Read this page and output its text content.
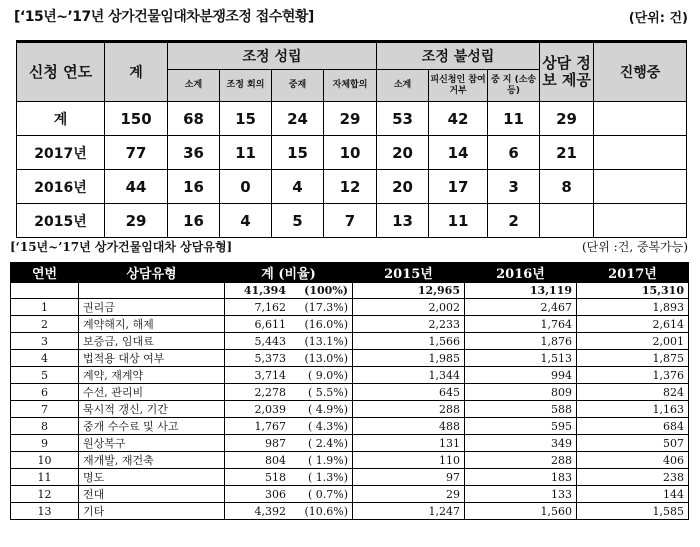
[‘15년~’17년 상가건물임대차분쟁조정 접수현황]	(단위: 건)
신청 연도	계	조정 성립				조정 불성립			상담 정보 제공	진행중
		소계	조정 회의	중재	자체합의	소계	피신청인 참여거부	중 지 (소송등)		
계	150	68	15	24	29	53	42	11	29	
2017년	77	36	11	15	10	20	14	6	21	
2016년	44	16	0	4	12	20	17	3	8	
2015년	29	16	4	5	7	13	11	2		
[‘15년~’17년 상가건물임대차 상담유형]	(단위 :건, 중복가능)
연번	상담유형	계 (비율)	2015년	2016년	2017년
		41,394 (100%)	12,965	13,119	15,310
1	권리금	7,162 (17.3%)	2,002	2,467	1,893
2	계약해지, 해제	6,611 (16.0%)	2,233	1,764	2,614
3	보증금, 임대료	5,443 (13.1%)	1,566	1,876	2,001
4	법적용 대상 여부	5,373 (13.0%)	1,985	1,513	1,875
5	계약, 재계약	3,714 ( 9.0%)	1,344	994	1,376
6	수선, 관리비	2,278 ( 5.5%)	645	809	824
7	묵시적 갱신, 기간	2,039 ( 4.9%)	288	588	1,163
8	중개 수수료 및 사고	1,767 ( 4.3%)	488	595	684
9	원상복구	987 ( 2.4%)	131	349	507
10	재개발, 재건축	804 ( 1.9%)	110	288	406
11	명도	518 ( 1.3%)	97	183	238
12	전대	306 ( 0.7%)	29	133	144
13	기타	4,392 (10.6%)	1,247	1,560	1,585
